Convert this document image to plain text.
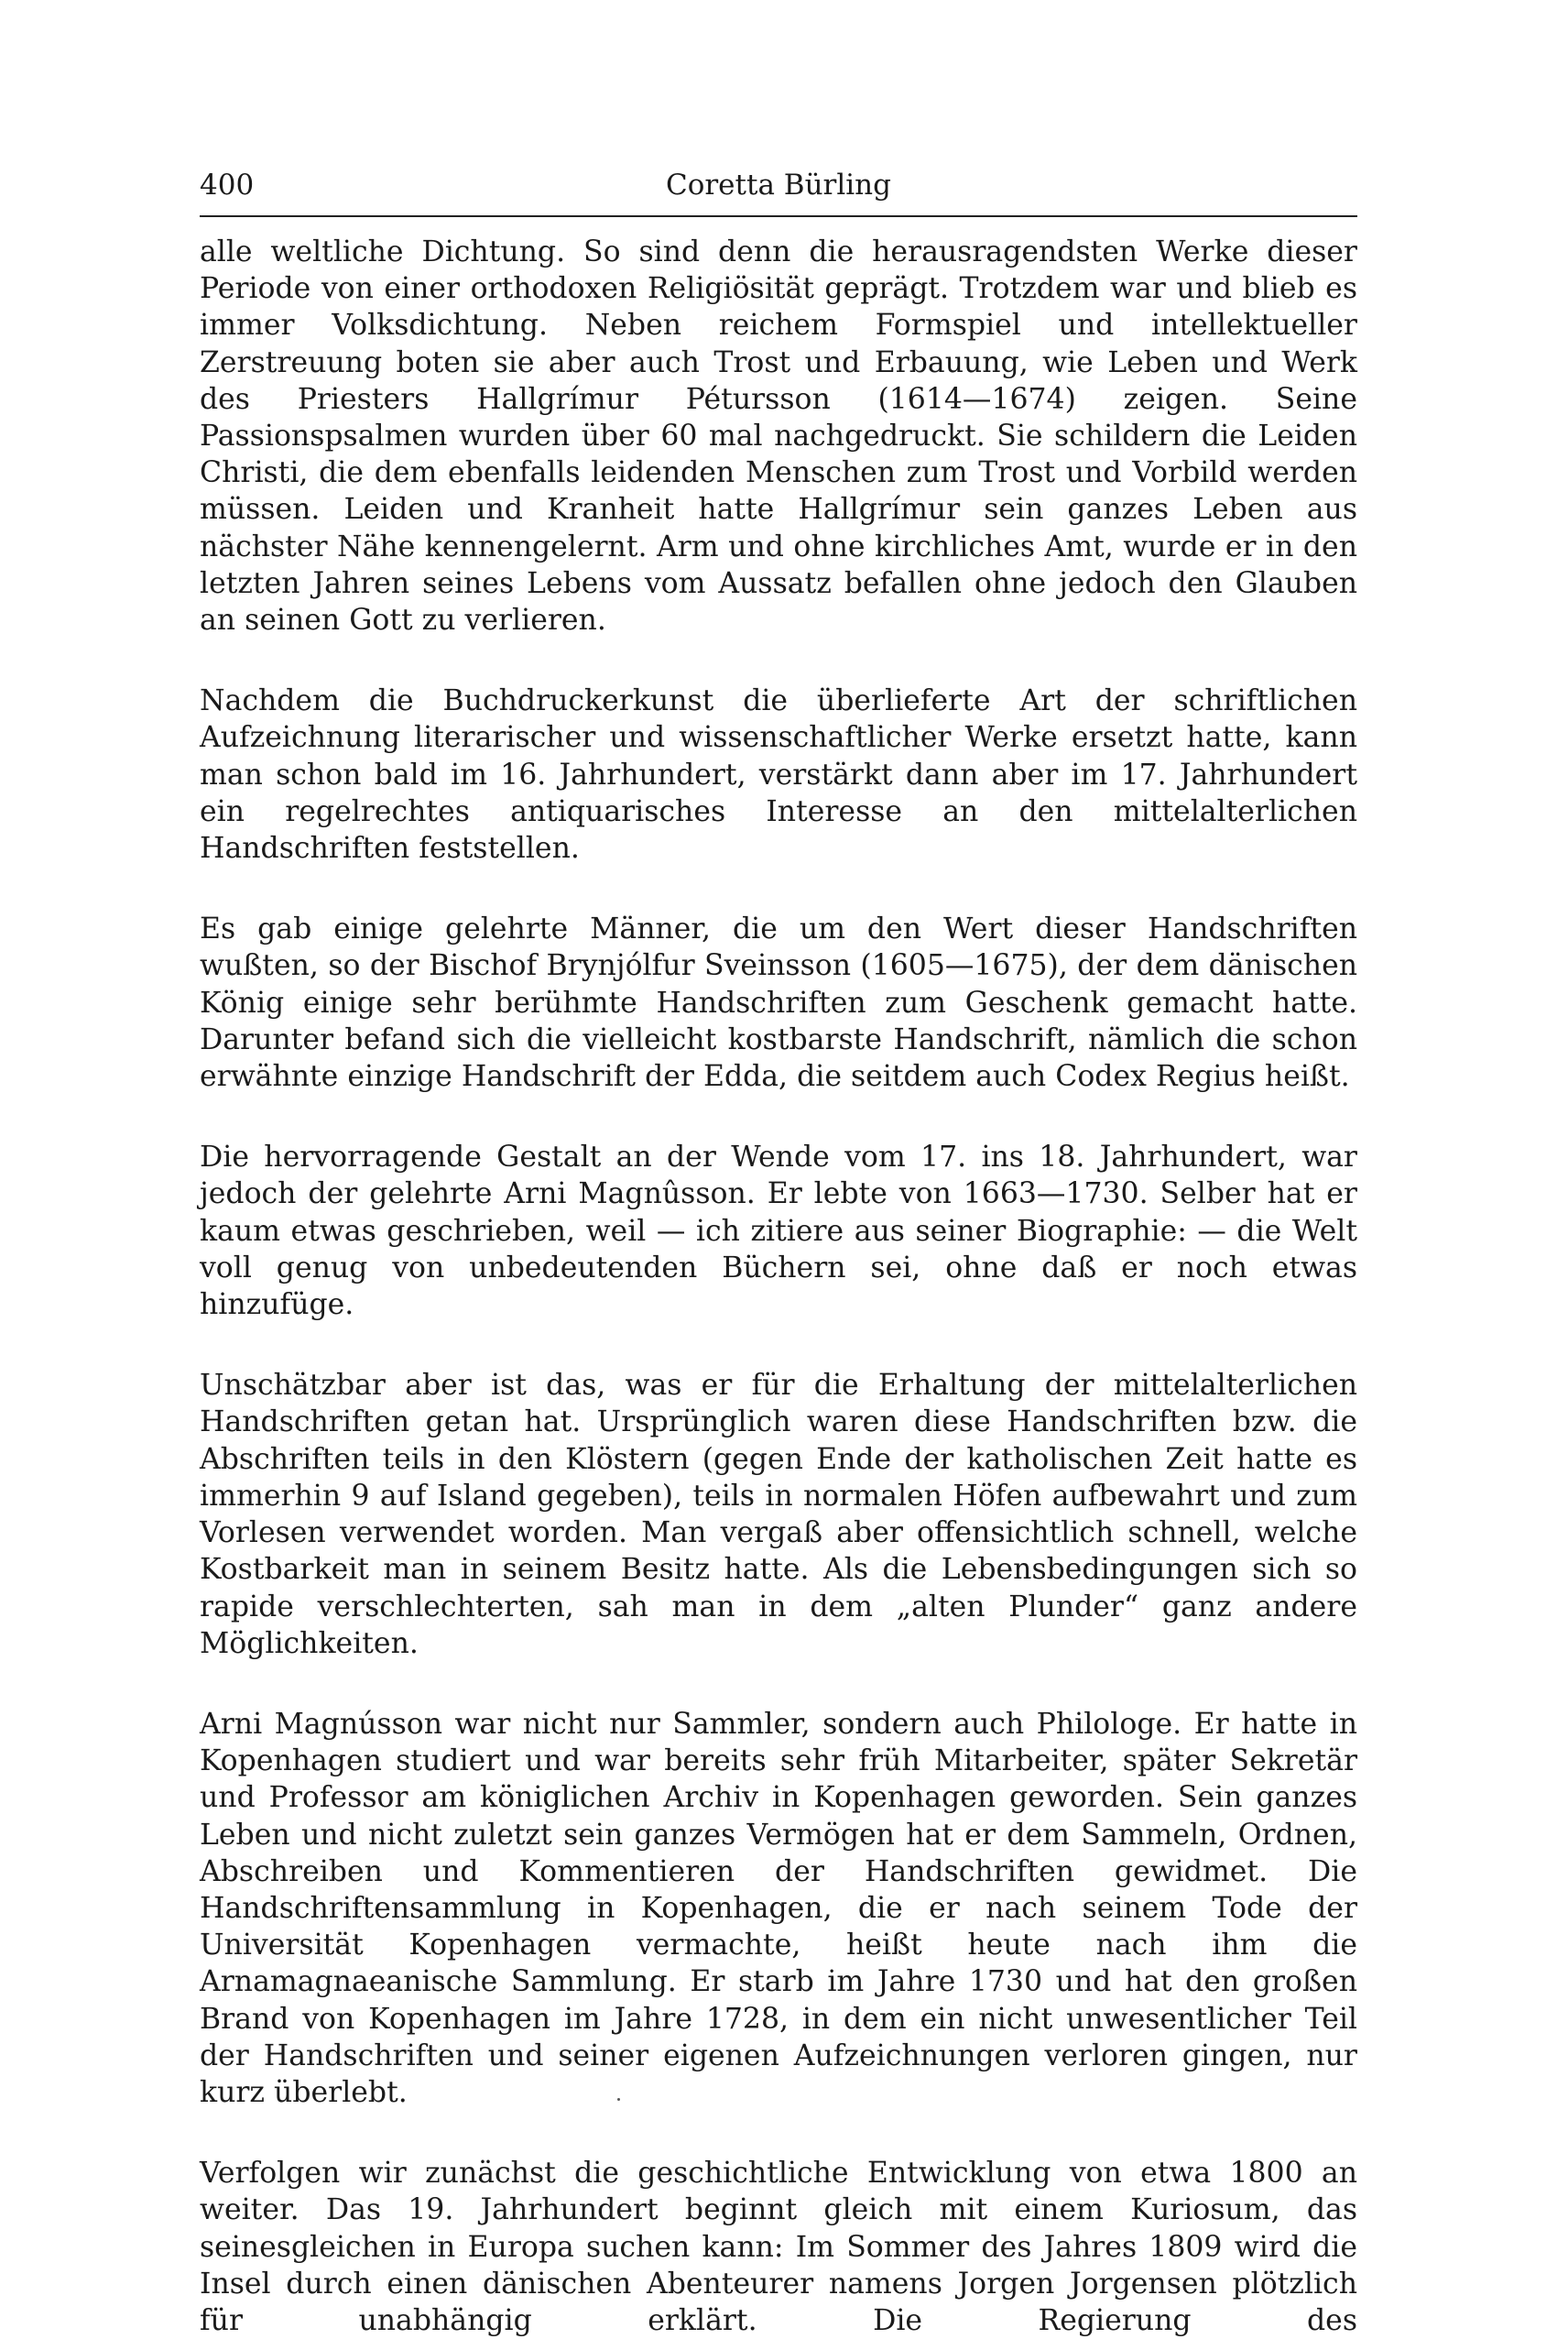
400	Coretta Bürling

alle weltliche Dichtung. So sind denn die herausragendsten Werke dieser Periode von einer orthodoxen Religiösität geprägt. Trotzdem war und blieb es immer Volksdichtung. Neben reichem Formspiel und intellektueller Zerstreuung boten sie aber auch Trost und Erbauung, wie Leben und Werk des Priesters Hallgrímur Pétursson (1614—1674) zeigen. Seine Passionspsalmen wurden über 60 mal nachgedruckt. Sie schildern die Leiden Christi, die dem ebenfalls leidenden Menschen zum Trost und Vorbild werden müssen. Leiden und Kranheit hatte Hallgrímur sein ganzes Leben aus nächster Nähe kennengelernt. Arm und ohne kirchliches Amt, wurde er in den letzten Jahren seines Lebens vom Aussatz befallen ohne jedoch den Glauben an seinen Gott zu verlieren.

Nachdem die Buchdruckerkunst die überlieferte Art der schriftlichen Aufzeichnung literarischer und wissenschaftlicher Werke ersetzt hatte, kann man schon bald im 16. Jahrhundert, verstärkt dann aber im 17. Jahrhundert ein regelrechtes antiquarisches Interesse an den mittelalterlichen Handschriften feststellen.

Es gab einige gelehrte Männer, die um den Wert dieser Handschriften wußten, so der Bischof Brynjólfur Sveinsson (1605—1675), der dem dänischen König einige sehr berühmte Handschriften zum Geschenk gemacht hatte. Darunter befand sich die vielleicht kostbarste Handschrift, nämlich die schon erwähnte einzige Handschrift der Edda, die seitdem auch Codex Regius heißt.

Die hervorragende Gestalt an der Wende vom 17. ins 18. Jahrhundert, war jedoch der gelehrte Arni Magnûsson. Er lebte von 1663—1730. Selber hat er kaum etwas geschrieben, weil — ich zitiere aus seiner Biographie: — die Welt voll genug von unbedeutenden Büchern sei, ohne daß er noch etwas hinzufüge.

Unschätzbar aber ist das, was er für die Erhaltung der mittelalterlichen Handschriften getan hat. Ursprünglich waren diese Handschriften bzw. die Abschriften teils in den Klöstern (gegen Ende der katholischen Zeit hatte es immerhin 9 auf Island gegeben), teils in normalen Höfen aufbewahrt und zum Vorlesen verwendet worden. Man vergaß aber offensichtlich schnell, welche Kostbarkeit man in seinem Besitz hatte. Als die Lebensbedingungen sich so rapide verschlechterten, sah man in dem „alten Plunder“ ganz andere Möglichkeiten.

Arni Magnússon war nicht nur Sammler, sondern auch Philologe. Er hatte in Kopenhagen studiert und war bereits sehr früh Mitarbeiter, später Sekretär und Professor am königlichen Archiv in Kopenhagen geworden. Sein ganzes Leben und nicht zuletzt sein ganzes Vermögen hat er dem Sammeln, Ordnen, Abschreiben und Kommentieren der Handschriften gewidmet. Die Handschriftensammlung in Kopenhagen, die er nach seinem Tode der Universität Kopenhagen vermachte, heißt heute nach ihm die Arnamagnaeanische Sammlung. Er starb im Jahre 1730 und hat den großen Brand von Kopenhagen im Jahre 1728, in dem ein nicht unwesentlicher Teil der Handschriften und seiner eigenen Aufzeichnungen verloren gingen, nur kurz überlebt.

Verfolgen wir zunächst die geschichtliche Entwicklung von etwa 1800 an weiter. Das 19. Jahrhundert beginnt gleich mit einem Kuriosum, das seinesgleichen in Europa suchen kann: Im Sommer des Jahres 1809 wird die Insel durch einen dänischen Abenteurer namens Jorgen Jorgensen plötzlich für unabhängig erklärt. Die Regierung des
